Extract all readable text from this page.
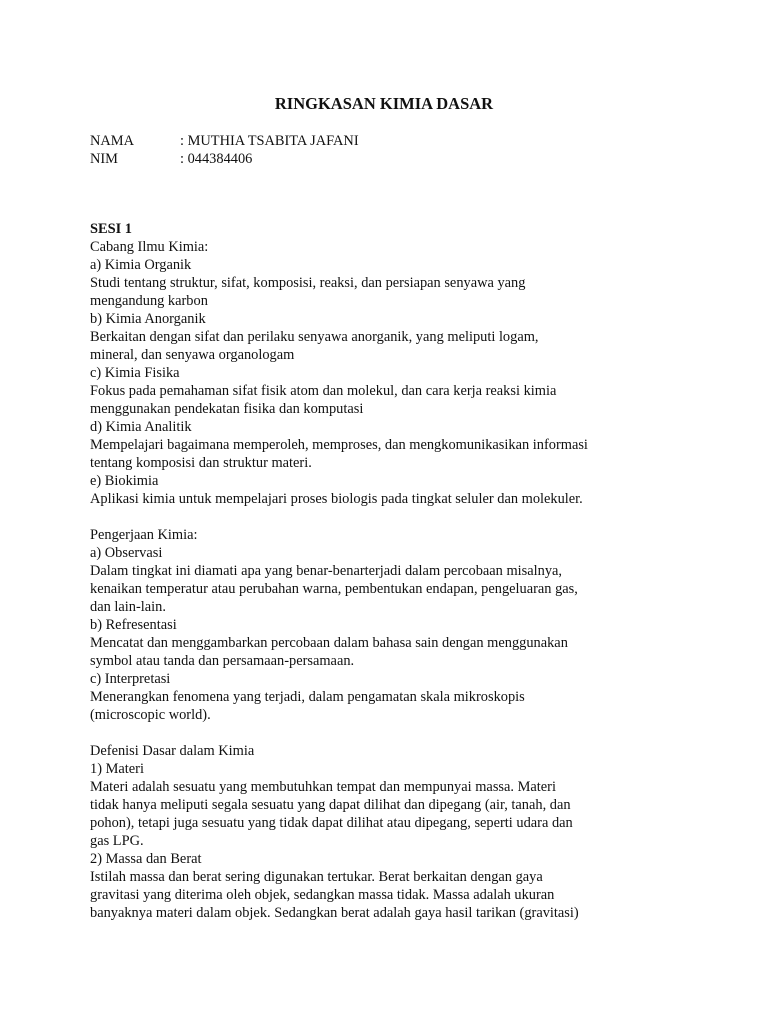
RINGKASAN KIMIA DASAR
NAMA	: MUTHIA TSABITA JAFANI
NIM	: 044384406
SESI 1
Cabang Ilmu Kimia:
a) Kimia Organik
Studi tentang struktur, sifat, komposisi, reaksi, dan persiapan senyawa yang
mengandung karbon
b) Kimia Anorganik
Berkaitan dengan sifat dan perilaku senyawa anorganik, yang meliputi logam,
mineral, dan senyawa organologam
c) Kimia Fisika
Fokus pada pemahaman sifat fisik atom dan molekul, dan cara kerja reaksi kimia
menggunakan pendekatan fisika dan komputasi
d) Kimia Analitik
Mempelajari bagaimana memperoleh, memproses, dan mengkomunikasikan informasi
tentang komposisi dan struktur materi.
e) Biokimia
Aplikasi kimia untuk mempelajari proses biologis pada tingkat seluler dan molekuler.
Pengerjaan Kimia:
a) Observasi
Dalam tingkat ini diamati apa yang benar-benarterjadi dalam percobaan misalnya,
kenaikan temperatur atau perubahan warna, pembentukan endapan, pengeluaran gas,
dan lain-lain.
b) Refresentasi
Mencatat dan menggambarkan percobaan dalam bahasa sain dengan menggunakan
symbol atau tanda dan persamaan-persamaan.
c) Interpretasi
Menerangkan fenomena yang terjadi, dalam pengamatan skala mikroskopis
(microscopic world).
Defenisi Dasar dalam Kimia
1) Materi
Materi adalah sesuatu yang membutuhkan tempat dan mempunyai massa. Materi
tidak hanya meliputi segala sesuatu yang dapat dilihat dan dipegang (air, tanah, dan
pohon), tetapi juga sesuatu yang tidak dapat dilihat atau dipegang, seperti udara dan
gas LPG.
2) Massa dan Berat
Istilah massa dan berat sering digunakan tertukar. Berat berkaitan dengan gaya
gravitasi yang diterima oleh objek, sedangkan massa tidak. Massa adalah ukuran
banyaknya materi dalam objek. Sedangkan berat adalah gaya hasil tarikan (gravitasi)
